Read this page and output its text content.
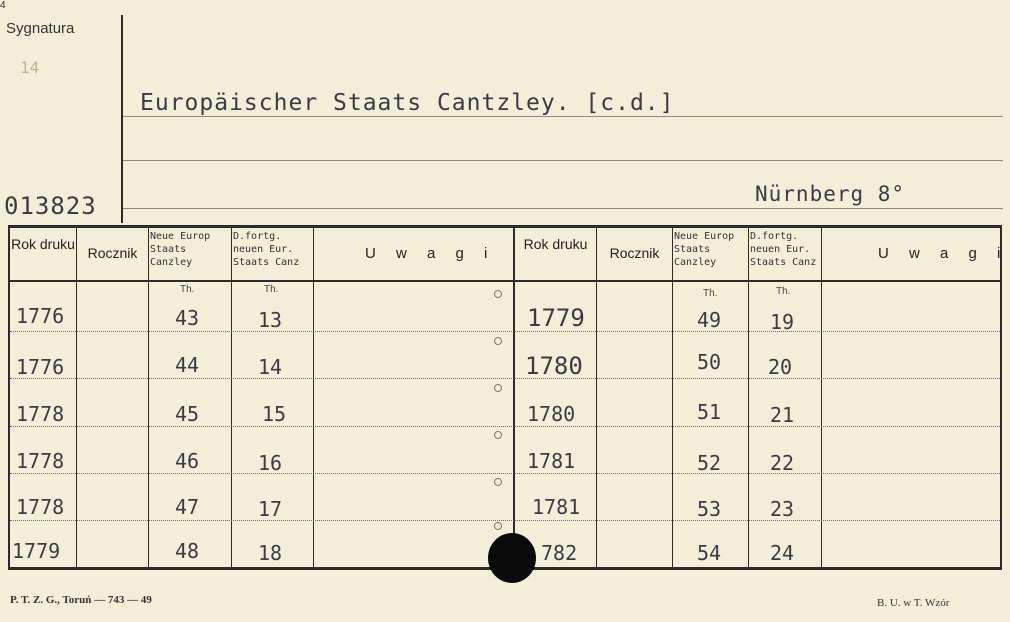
4
Sygnatura
14
013823
Europäischer Staats Cantzley. [c.d.]
Nürnberg 8°
Rok druku
Rocznik
Neue Europ Staats Canzley
D.fortg. neuen Eur. Staats Canz
U w a g i
Th.	Th.
Rok druku
Rocznik
Neue Europ Staats Canzley
D.fortg. neuen Eur. Staats Canz
U w a g i
Th.	Th.
1776	43	13
1776	44	14
1778	45	15
1778	46	16
1778	47	17
1779	48	18
1779	49 19
1780	50 20
1780	51 21
1781	52 22
1781	53 23
782	54 24
P. T. Z. G., Toruń — 743 — 49	B. U. w T. Wzór
